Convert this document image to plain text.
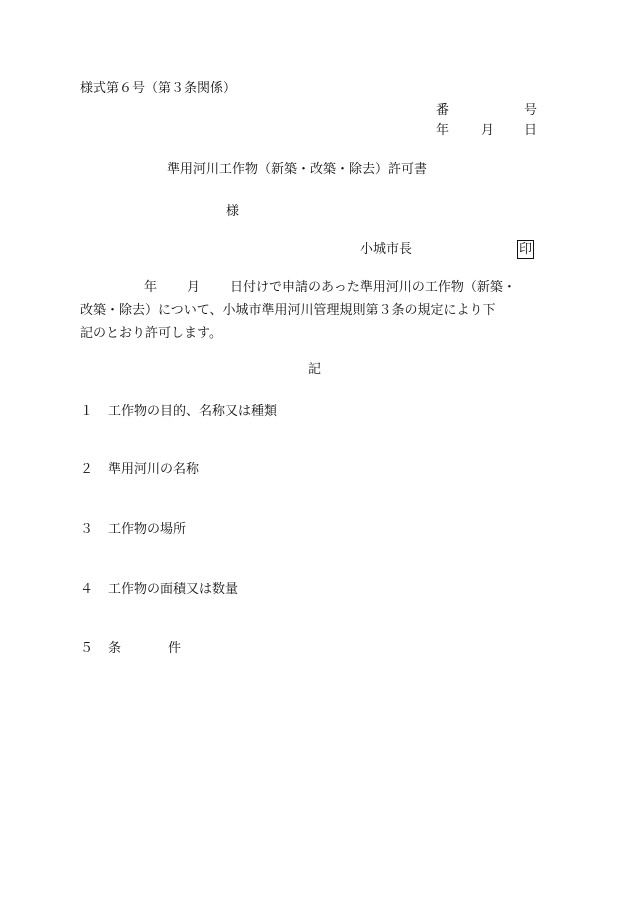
様式第６号（第３条関係）
番	号
年 月 日
準用河川工作物（新築・改築・除去）許可書
様
小城市長	印
年 月 日付けで申請のあった準用河川の工作物（新築・
改築・除去）について、小城市準用河川管理規則第３条の規定により下
記のとおり許可します。
記
１ 工作物の目的、名称又は種類
２ 準用河川の名称
３ 工作物の場所
４ 工作物の面積又は数量
５ 条	件
